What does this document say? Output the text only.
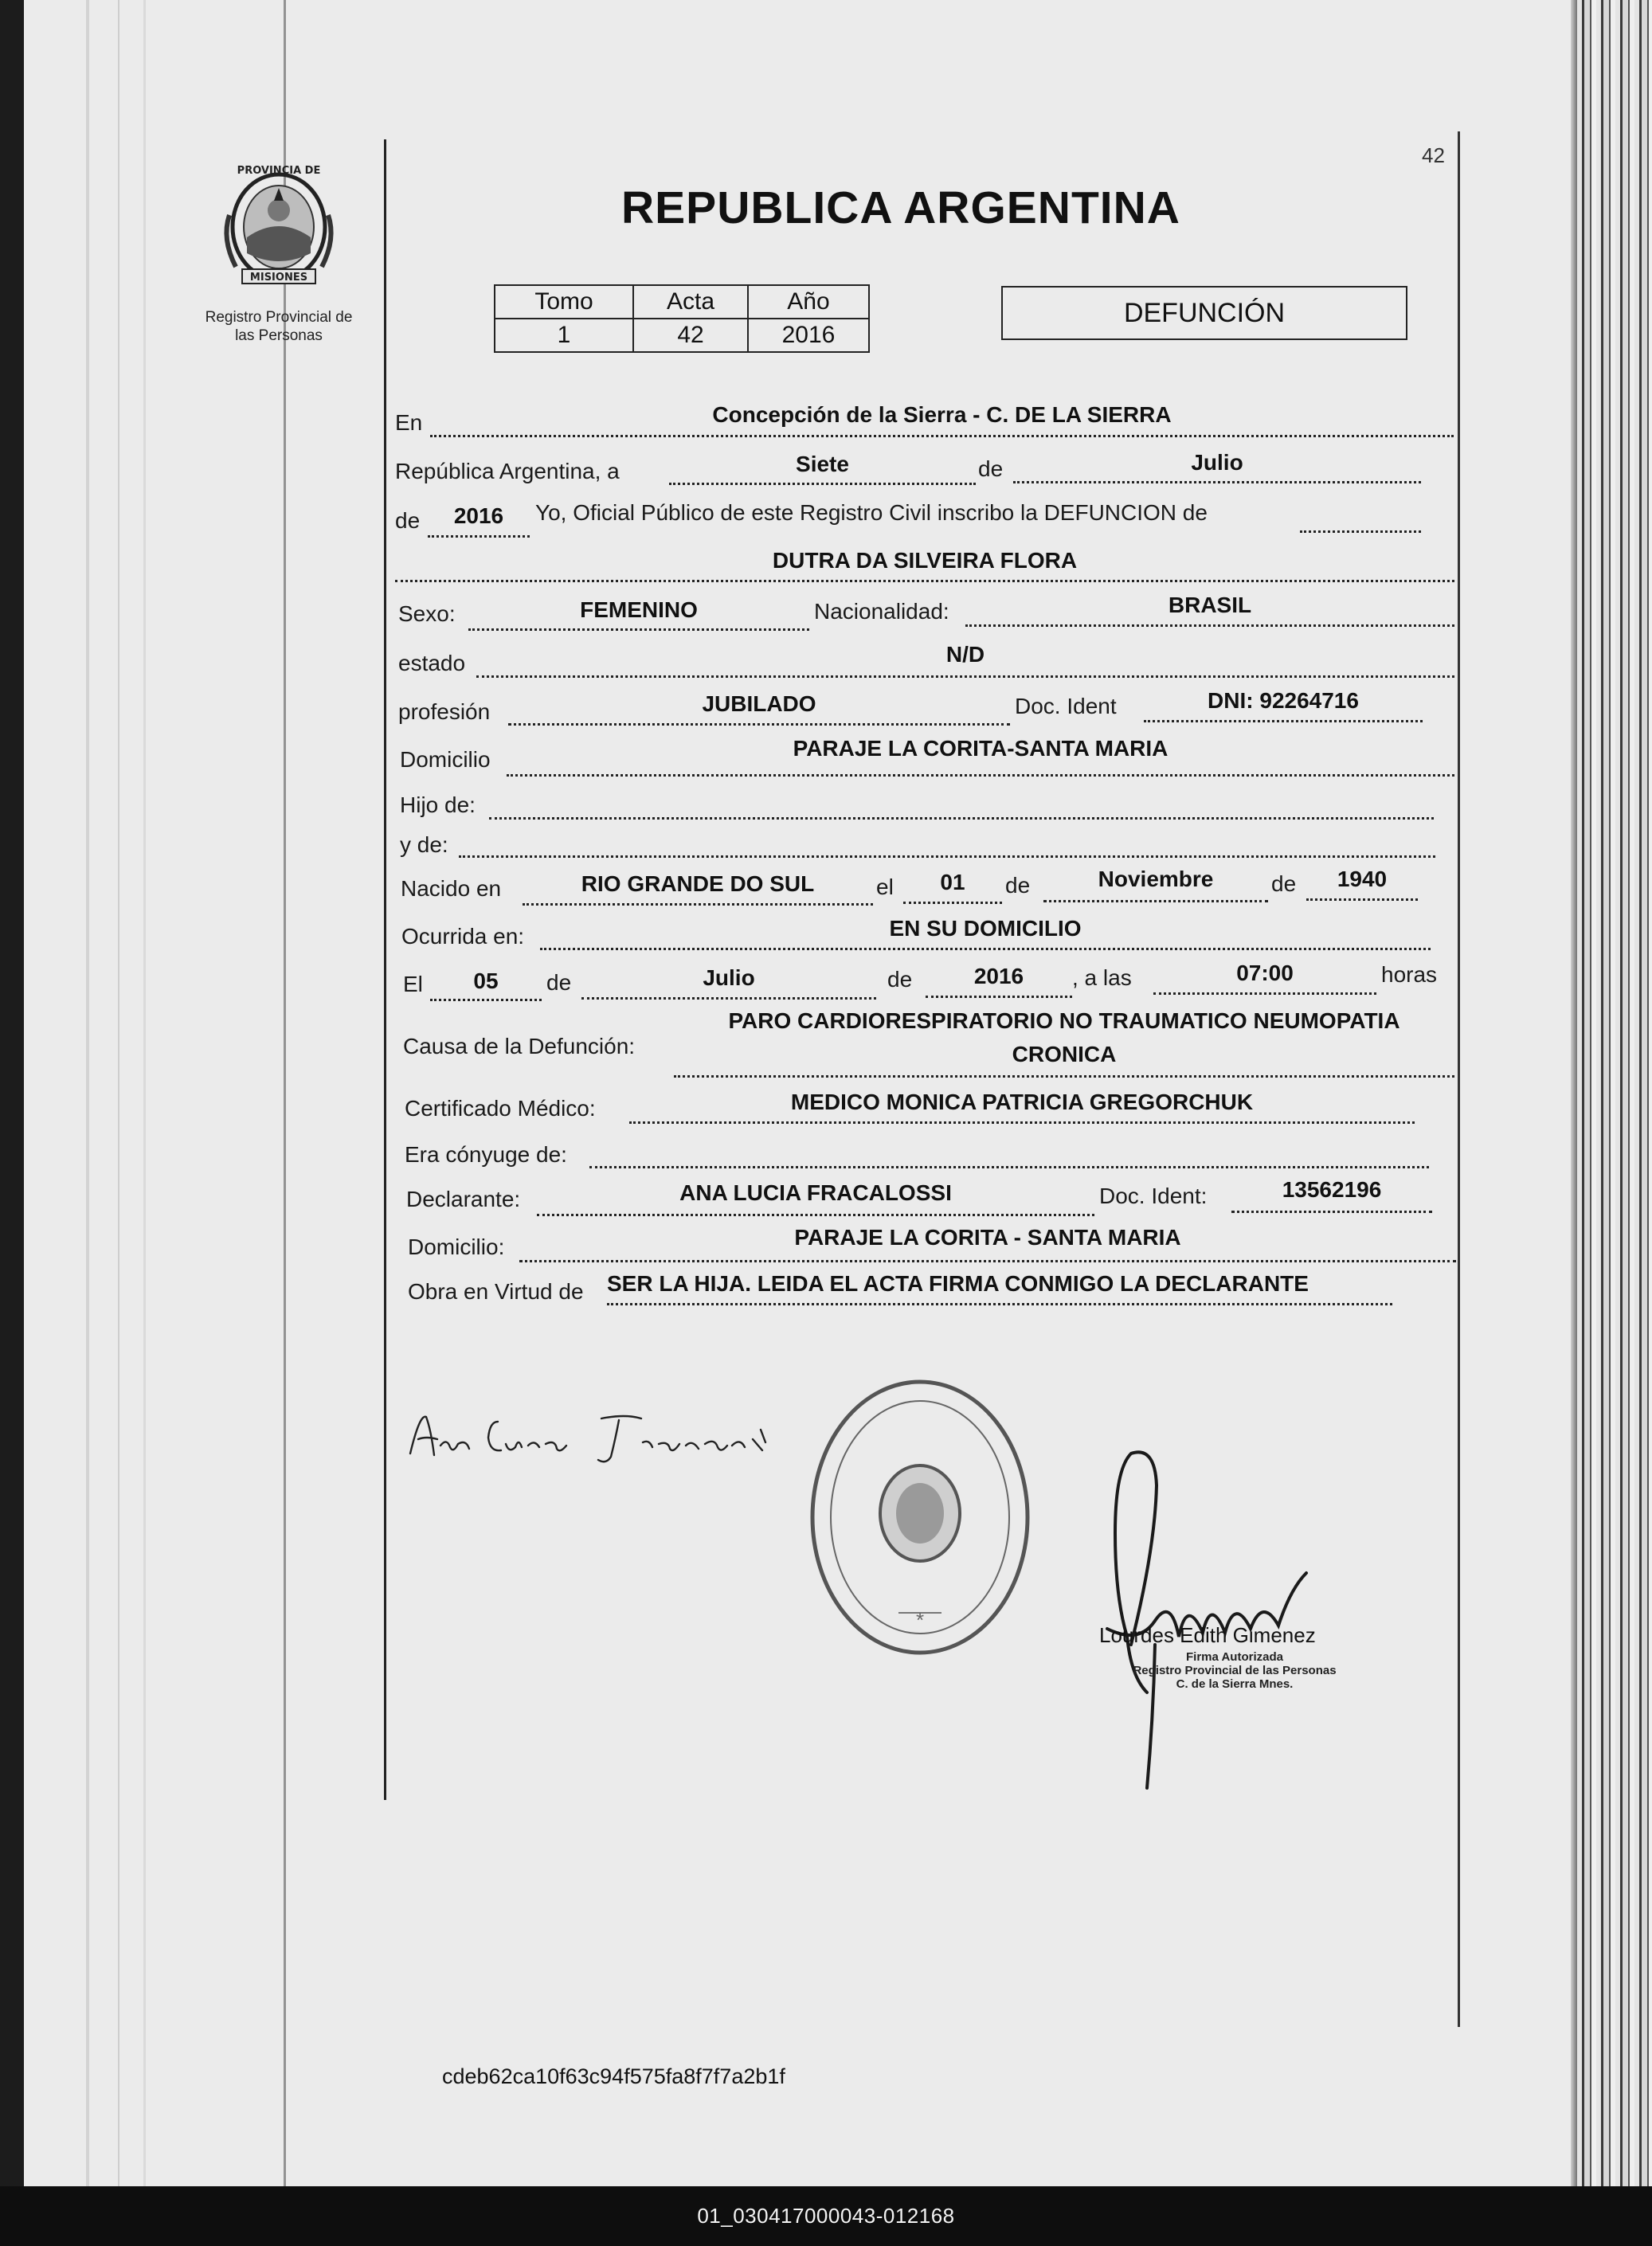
PROVINCIA DE
MISIONES
Registro Provincial de
las Personas
42
REPUBLICA ARGENTINA
Tomo	Acta	Año
1	42	2016
DEFUNCIÓN
En	Concepción de la Sierra - C. DE LA SIERRA
República Argentina, a	Siete	de	Julio
de	2016	Yo, Oficial Público de este Registro Civil inscribo la DEFUNCION de
DUTRA DA SILVEIRA FLORA
Sexo:	FEMENINO	Nacionalidad:	BRASIL
estado	N/D
profesión	JUBILADO	Doc. Ident	DNI: 92264716
Domicilio	PARAJE LA CORITA-SANTA MARIA
Hijo de:
y de:
Nacido en	RIO GRANDE DO SUL	el	01	de	Noviembre	de	1940
Ocurrida en:	EN SU DOMICILIO
El	05	de	Julio	de	2016	, a las	07:00	horas
Causa de la Defunción:
PARO CARDIORESPIRATORIO NO TRAUMATICO NEUMOPATIA
CRONICA
Certificado Médico:	MEDICO MONICA PATRICIA GREGORCHUK
Era cónyuge de:
Declarante:	ANA LUCIA FRACALOSSI	Doc. Ident:	13562196
Domicilio:	PARAJE LA CORITA - SANTA MARIA
Obra en Virtud de SER LA HIJA. LEIDA EL ACTA FIRMA CONMIGO LA DECLARANTE
*
Lourdes Edith Gimenez
Firma Autorizada
Registro Provincial de las Personas
C. de la Sierra Mnes.
cdeb62ca10f63c94f575fa8f7f7a2b1f
01_030417000043-012168
